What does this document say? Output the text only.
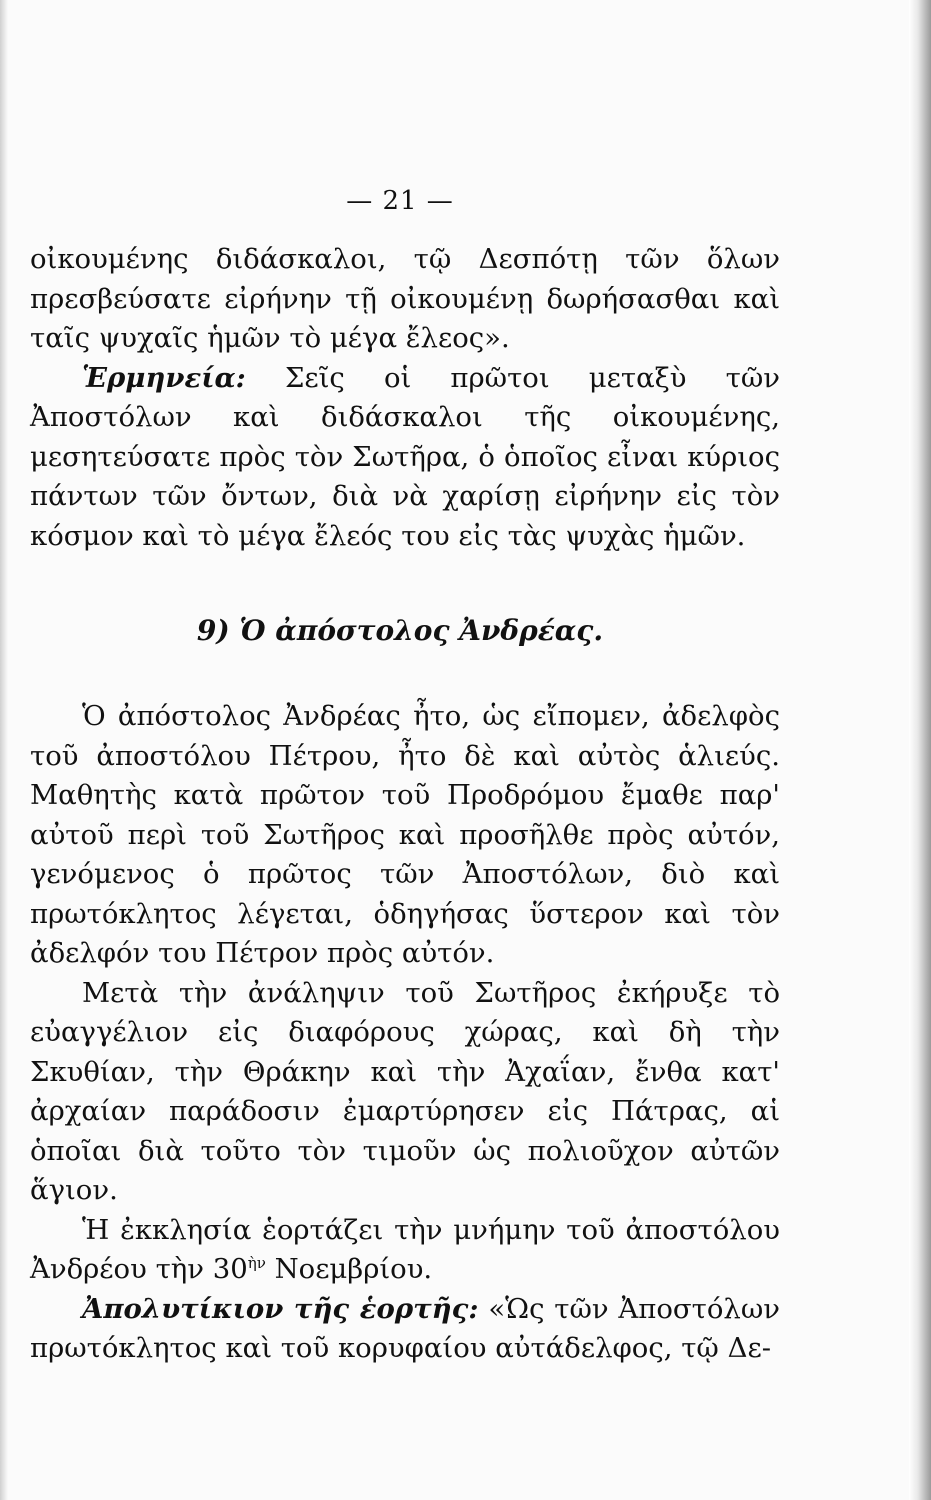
— 21 —

οἰκουμένης διδάσκαλοι, τῷ Δεσπότῃ τῶν ὅλων πρεσβεύσατε εἰρήνην τῇ οἰκουμένῃ δωρήσασθαι καὶ ταῖς ψυχαῖς ἡμῶν τὸ μέγα ἔλεος».

Ἑρμηνεία: Σεῖς οἱ πρῶτοι μεταξὺ τῶν Ἀποστόλων καὶ διδάσκαλοι τῆς οἰκουμένης, μεσητεύσατε πρὸς τὸν Σωτῆρα, ὁ ὁποῖος εἶναι κύριος πάντων τῶν ὄντων, διὰ νὰ χαρίσῃ εἰρήνην εἰς τὸν κόσμον καὶ τὸ μέγα ἔλεός του εἰς τὰς ψυχὰς ἡμῶν.

9) Ὁ ἀπόστολος Ἀνδρέας.

Ὁ ἀπόστολος Ἀνδρέας ἦτο, ὡς εἴπομεν, ἀδελφὸς τοῦ ἀποστόλου Πέτρου, ἦτο δὲ καὶ αὐτὸς ἁλιεύς. Μαθητὴς κατὰ πρῶτον τοῦ Προδρόμου ἔμαθε παρ' αὐτοῦ περὶ τοῦ Σωτῆρος καὶ προσῆλθε πρὸς αὐτόν, γενόμενος ὁ πρῶτος τῶν Ἀποστόλων, διὸ καὶ πρωτόκλητος λέγεται, ὁδηγήσας ὕστερον καὶ τὸν ἀδελφόν του Πέτρον πρὸς αὐτόν.

Μετὰ τὴν ἀνάληψιν τοῦ Σωτῆρος ἐκήρυξε τὸ εὐαγγέλιον εἰς διαφόρους χώρας, καὶ δὴ τὴν Σκυθίαν, τὴν Θράκην καὶ τὴν Ἀχαΐαν, ἔνθα κατ' ἀρχαίαν παράδοσιν ἐμαρτύρησεν εἰς Πάτρας, αἱ ὁποῖαι διὰ τοῦτο τὸν τιμοῦν ὡς πολιοῦχον αὐτῶν ἅγιον.

Ἡ ἐκκλησία ἑορτάζει τὴν μνήμην τοῦ ἀποστόλου Ἀνδρέου τὴν $30^{ὴ\nu}$ Νοεμβρίου.

Ἀπολυτίκιον τῆς ἑορτῆς: «Ὡς τῶν Ἀποστόλων πρωτόκλητος καὶ τοῦ κορυφαίου αὐτάδελφος, τῷ Δε-
